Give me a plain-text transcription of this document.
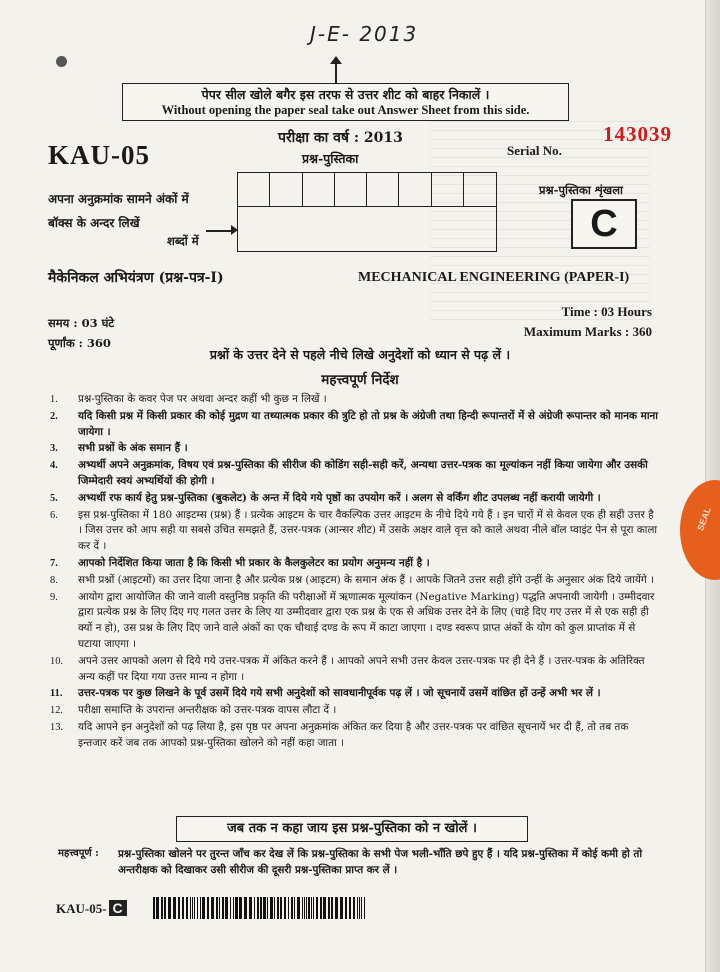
J-E- 2013
पेपर सील खोले बगैर इस तरफ से उत्तर शीट को बाहर निकालें ।
Without opening the paper seal take out Answer Sheet from this side.
KAU-05
परीक्षा का वर्ष : 2013
प्रश्न-पुस्तिका
Serial No.
143039
अपना अनुक्रमांक सामने अंकों में
बॉक्स के अन्दर लिखें
शब्दों में
प्रश्न-पुस्तिका शृंखला
C
मैकेनिकल अभियंत्रण (प्रश्न-पत्र-I)	MECHANICAL ENGINEERING (PAPER-I)
समय : 03 घंटे
पूर्णांक : 360
Time : 03 Hours
Maximum Marks : 360
प्रश्नों के उत्तर देने से पहले नीचे लिखे अनुदेशों को ध्यान से पढ़ लें ।
महत्त्वपूर्ण निर्देश
1. प्रश्न-पुस्तिका के कवर पेज पर अथवा अन्दर कहीं भी कुछ न लिखें ।
2. यदि किसी प्रश्न में किसी प्रकार की कोई मुद्रण या तथ्यात्मक प्रकार की त्रुटि हो तो प्रश्न के अंग्रेजी तथा हिन्दी रूपान्तरों में से अंग्रेजी रूपान्तर को मानक माना जायेगा ।
3. सभी प्रश्नों के अंक समान हैं ।
4. अभ्यर्थी अपने अनुक्रमांक, विषय एवं प्रश्न-पुस्तिका की सीरीज की कोडिंग सही-सही करें, अन्यथा उत्तर-पत्रक का मूल्यांकन नहीं किया जायेगा और उसकी जिम्मेदारी स्वयं अभ्यर्थियों की होगी ।
5. अभ्यर्थी रफ कार्य हेतु प्रश्न-पुस्तिका (बुकलेट) के अन्त में दिये गये पृष्ठों का उपयोग करें । अलग से वर्किंग शीट उपलब्ध नहीं करायी जायेगी ।
6. इस प्रश्न-पुस्तिका में 180 आइटम्स (प्रश्न) हैं । प्रत्येक आइटम के चार वैकल्पिक उत्तर आइटम के नीचे दिये गये हैं । इन चारों में से केवल एक ही सही उत्तर है । जिस उत्तर को आप सही या सबसे उचित समझते हैं, उत्तर-पत्रक (आन्सर शीट) में उसके अक्षर वाले वृत्त को काले अथवा नीले बॉल प्वाइंट पेन से पूरा काला कर दें ।
7. आपको निर्देशित किया जाता है कि किसी भी प्रकार के कैलकुलेटर का प्रयोग अनुमन्य नहीं है ।
8. सभी प्रश्नों (आइटमों) का उत्तर दिया जाना है और प्रत्येक प्रश्न (आइटम) के समान अंक हैं । आपके जितने उत्तर सही होंगे उन्हीं के अनुसार अंक दिये जायेंगे ।
9. आयोग द्वारा आयोजित की जाने वाली वस्तुनिष्ठ प्रकृति की परीक्षाओं में ऋणात्मक मूल्यांकन (Negative Marking) पद्धति अपनायी जायेगी । उम्मीदवार द्वारा प्रत्येक प्रश्न के लिए दिए गए गलत उत्तर के लिए या उम्मीदवार द्वारा एक प्रश्न के एक से अधिक उत्तर देने के लिए (चाहे दिए गए उत्तर में से एक सही ही क्यों न हो), उस प्रश्न के लिए दिए जाने वाले अंकों का एक चौथाई दण्ड के रूप में काटा जाएगा । दण्ड स्वरूप प्राप्त अंकों के योग को कुल प्राप्तांक में से घटाया जाएगा ।
10. अपने उत्तर आपको अलग से दिये गये उत्तर-पत्रक में अंकित करने हैं । आपको अपने सभी उत्तर केवल उत्तर-पत्रक पर ही देने हैं । उत्तर-पत्रक के अतिरिक्त अन्य कहीं पर दिया गया उत्तर मान्य न होगा ।
11. उत्तर-पत्रक पर कुछ लिखने के पूर्व उसमें दिये गये सभी अनुदेशों को सावधानीपूर्वक पढ़ लें । जो सूचनायें उसमें वांछित हों उन्हें अभी भर लें ।
12. परीक्षा समाप्ति के उपरान्त अन्तरीक्षक को उत्तर-पत्रक वापस लौटा दें ।
13. यदि आपने इन अनुदेशों को पढ़ लिया है, इस पृष्ठ पर अपना अनुक्रमांक अंकित कर दिया है और उत्तर-पत्रक पर वांछित सूचनायें भर दी हैं, तो तब तक इन्तजार करें जब तक आपको प्रश्न-पुस्तिका खोलने को नहीं कहा जाता ।
जब तक न कहा जाय इस प्रश्न-पुस्तिका को न खोलें ।
महत्त्वपूर्ण : प्रश्न-पुस्तिका खोलने पर तुरन्त जाँच कर देख लें कि प्रश्न-पुस्तिका के सभी पेज भली-भाँति छपे हुए हैं । यदि प्रश्न-पुस्तिका में कोई कमी हो तो अन्तरीक्षक को दिखाकर उसी सीरीज की दूसरी प्रश्न-पुस्तिका प्राप्त कर लें ।
KAU-05- C
SEAL
